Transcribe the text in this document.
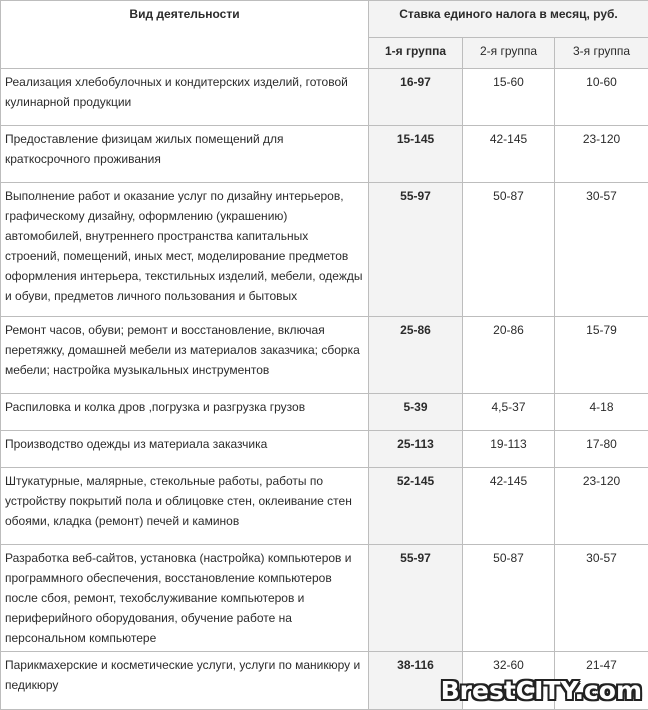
Вид деятельности	Ставка единого налога в месяц, руб.		
	1-я группа	2-я группа	3-я группа
Реализация хлебобулочных и кондитерских изделий, готовой кулинарной продукции	16-97	15-60	10-60
Предоставление физицам жилых помещений для краткосрочного проживания	15-145	42-145	23-120
Выполнение работ и оказание услуг по дизайну интерьеров, графическому дизайну, оформлению (украшению) автомобилей, внутреннего пространства капитальных строений, помещений, иных мест, моделирование предметов оформления интерьера, текстильных изделий, мебели, одежды и обуви, предметов личного пользования и бытовых	55-97	50-87	30-57
Ремонт часов, обуви; ремонт и восстановление, включая перетяжку, домашней мебели из материалов заказчика; сборка мебели; настройка музыкальных инструментов	25-86	20-86	15-79
Распиловка и колка дров ,погрузка и разгрузка грузов	5-39	4,5-37	4-18
Производство одежды из материала заказчика	25-113	19-113	17-80
Штукатурные, малярные, стекольные работы, работы по устройству покрытий пола и облицовке стен, оклеивание стен обоями, кладка (ремонт) печей и каминов	52-145	42-145	23-120
Разработка веб-сайтов, установка (настройка) компьютеров и программного обеспечения, восстановление компьютеров после сбоя, ремонт, техобслуживание компьютеров и периферийного оборудования, обучение работе на персональном компьютере	55-97	50-87	30-57
Парикмахерские и косметические услуги, услуги по маникюру и педикюру	38-116	32-60	21-47
BrestCITY.com
